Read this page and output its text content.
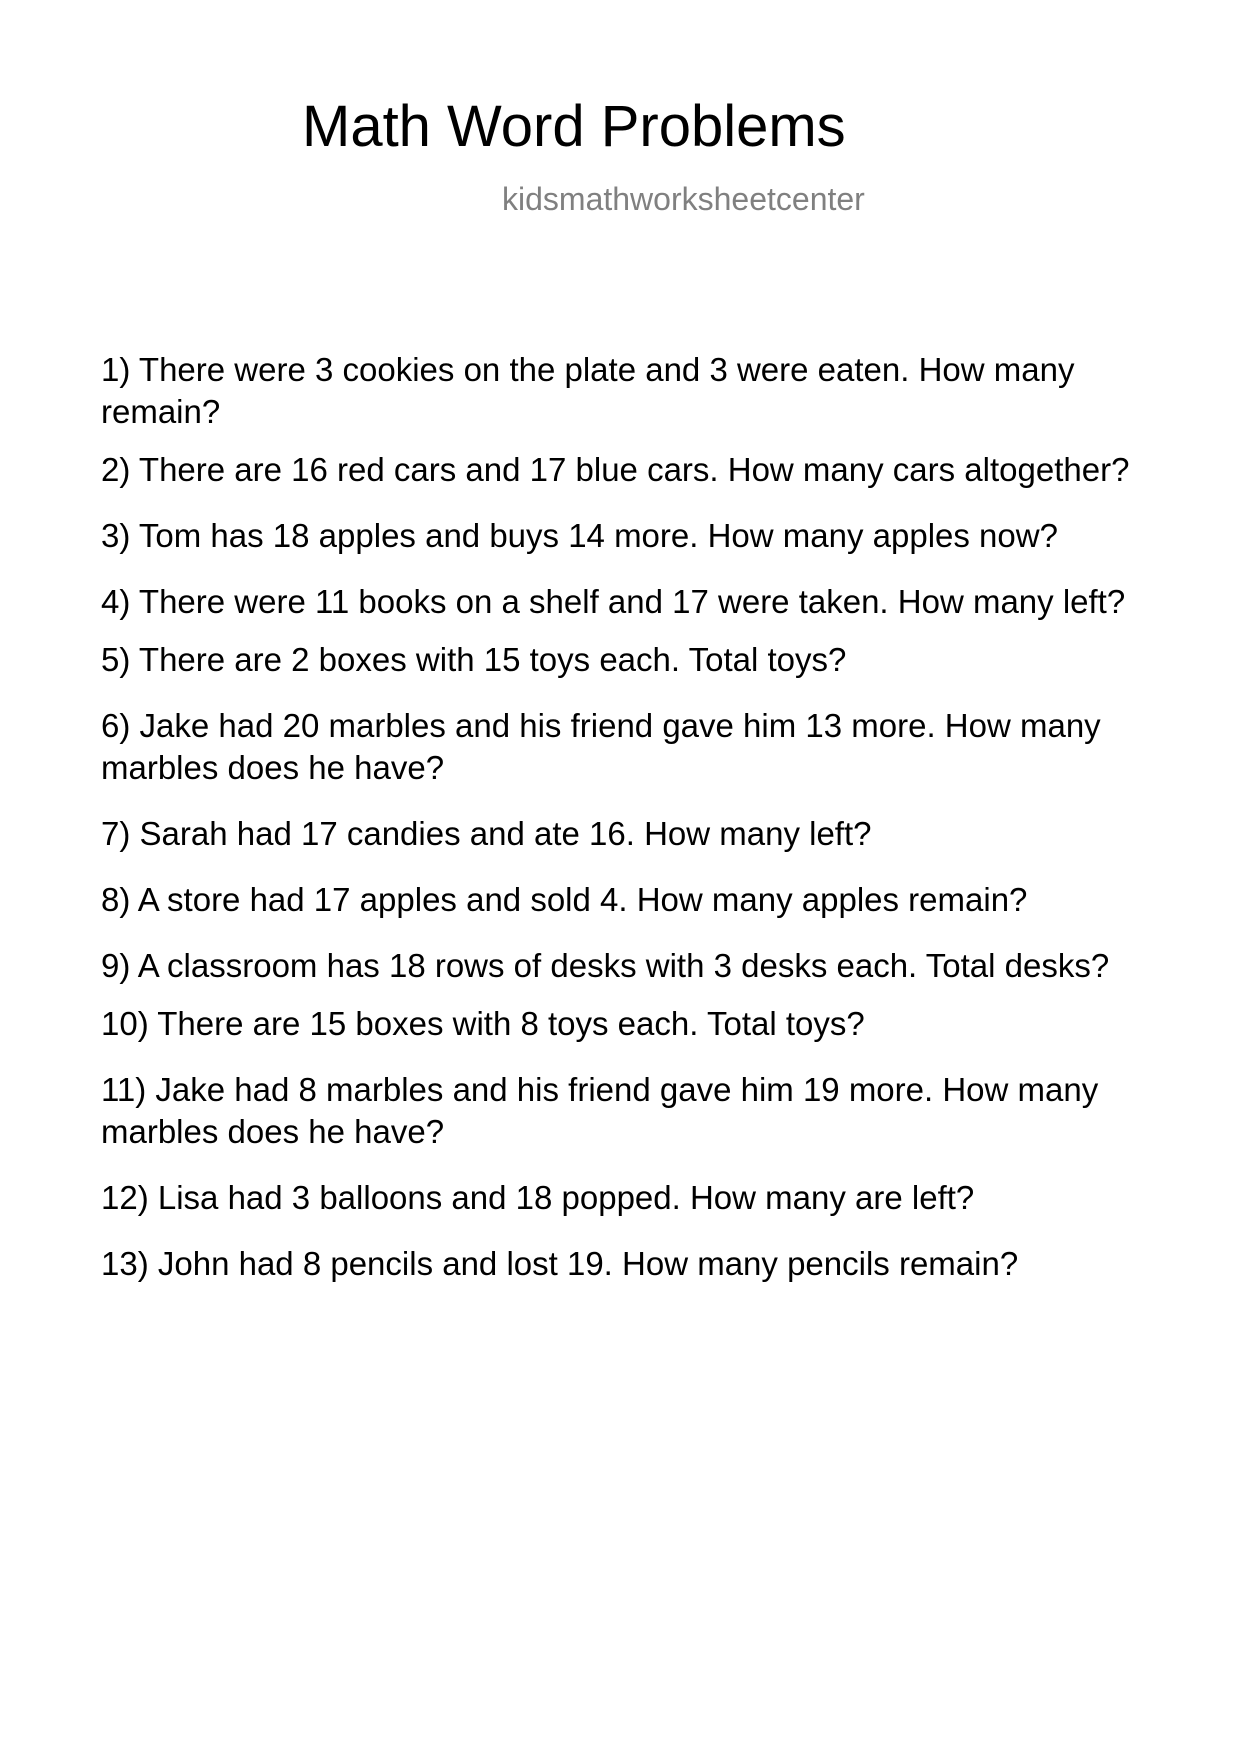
Math Word Problems
kidsmathworksheetcenter
1) There were 3 cookies on the plate and 3 were eaten. How many remain?
2) There are 16 red cars and 17 blue cars. How many cars altogether?
3) Tom has 18 apples and buys 14 more. How many apples now?
4) There were 11 books on a shelf and 17 were taken. How many left?
5) There are 2 boxes with 15 toys each. Total toys?
6) Jake had 20 marbles and his friend gave him 13 more. How many marbles does he have?
7) Sarah had 17 candies and ate 16. How many left?
8) A store had 17 apples and sold 4. How many apples remain?
9) A classroom has 18 rows of desks with 3 desks each. Total desks?
10) There are 15 boxes with 8 toys each. Total toys?
11) Jake had 8 marbles and his friend gave him 19 more. How many marbles does he have?
12) Lisa had 3 balloons and 18 popped. How many are left?
13) John had 8 pencils and lost 19. How many pencils remain?
